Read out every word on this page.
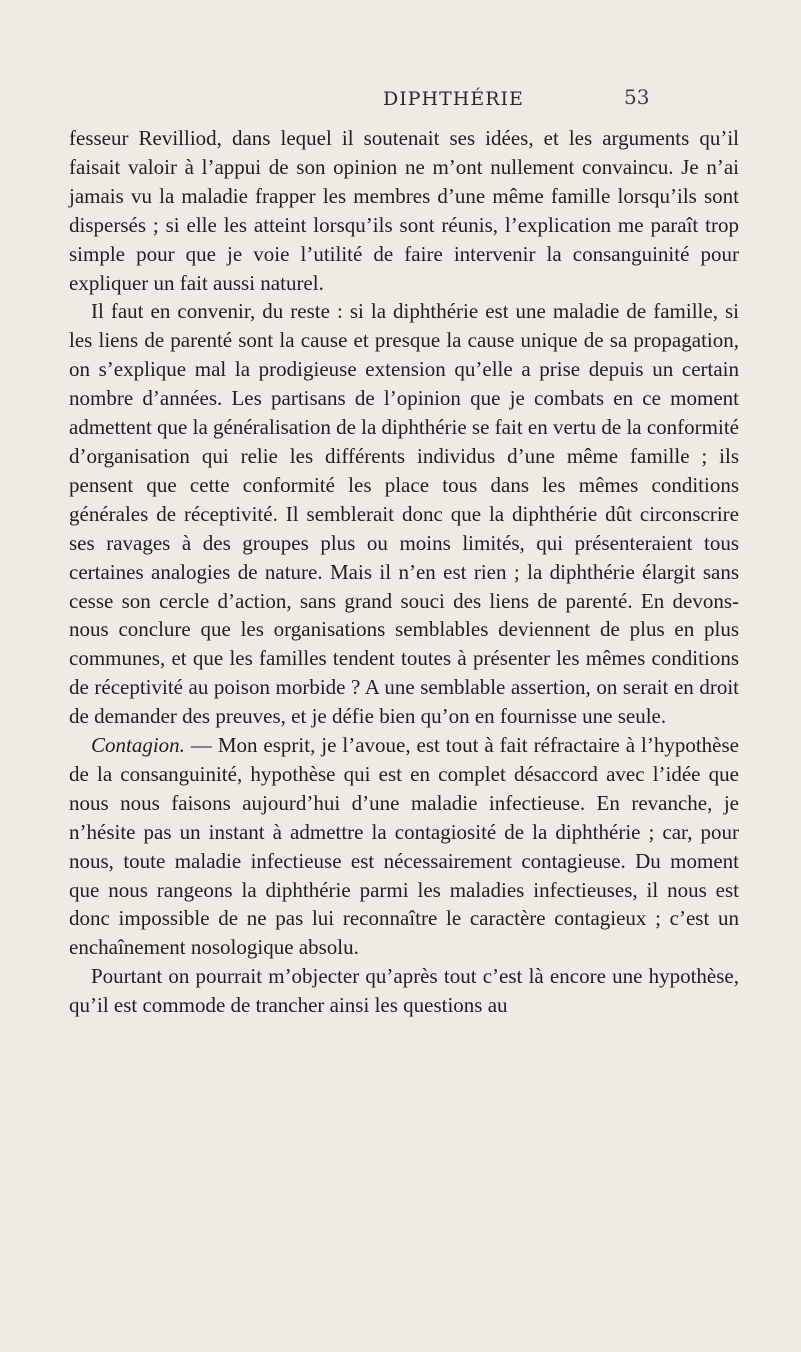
DIPHTHÉRIE	53

fesseur Revilliod, dans lequel il soutenait ses idées, et les arguments qu’il faisait valoir à l’appui de son opinion ne m’ont nullement convaincu. Je n’ai jamais vu la maladie frapper les membres d’une même famille lorsqu’ils sont dispersés ; si elle les atteint lorsqu’ils sont réunis, l’explication me paraît trop simple pour que je voie l’utilité de faire intervenir la consanguinité pour expliquer un fait aussi naturel.

Il faut en convenir, du reste : si la diphthérie est une maladie de famille, si les liens de parenté sont la cause et presque la cause unique de sa propagation, on s’explique mal la prodigieuse extension qu’elle a prise depuis un certain nombre d’années. Les partisans de l’opinion que je combats en ce moment admettent que la généralisation de la diphthérie se fait en vertu de la conformité d’organisation qui relie les différents individus d’une même famille ; ils pensent que cette conformité les place tous dans les mêmes conditions générales de réceptivité. Il semblerait donc que la diphthérie dût circonscrire ses ravages à des groupes plus ou moins limités, qui présenteraient tous certaines analogies de nature. Mais il n’en est rien ; la diphthérie élargit sans cesse son cercle d’action, sans grand souci des liens de parenté. En devons-nous conclure que les organisations semblables deviennent de plus en plus communes, et que les familles tendent toutes à présenter les mêmes conditions de réceptivité au poison morbide ? A une semblable assertion, on serait en droit de demander des preuves, et je défie bien qu’on en fournisse une seule.

Contagion. — Mon esprit, je l’avoue, est tout à fait réfractaire à l’hypothèse de la consanguinité, hypothèse qui est en complet désaccord avec l’idée que nous nous faisons aujourd’hui d’une maladie infectieuse. En revanche, je n’hésite pas un instant à admettre la contagiosité de la diphthérie ; car, pour nous, toute maladie infectieuse est nécessairement contagieuse. Du moment que nous rangeons la diphthérie parmi les maladies infectieuses, il nous est donc impossible de ne pas lui reconnaître le caractère contagieux ; c’est un enchaînement nosologique absolu.

Pourtant on pourrait m’objecter qu’après tout c’est là encore une hypothèse, qu’il est commode de trancher ainsi les questions au
